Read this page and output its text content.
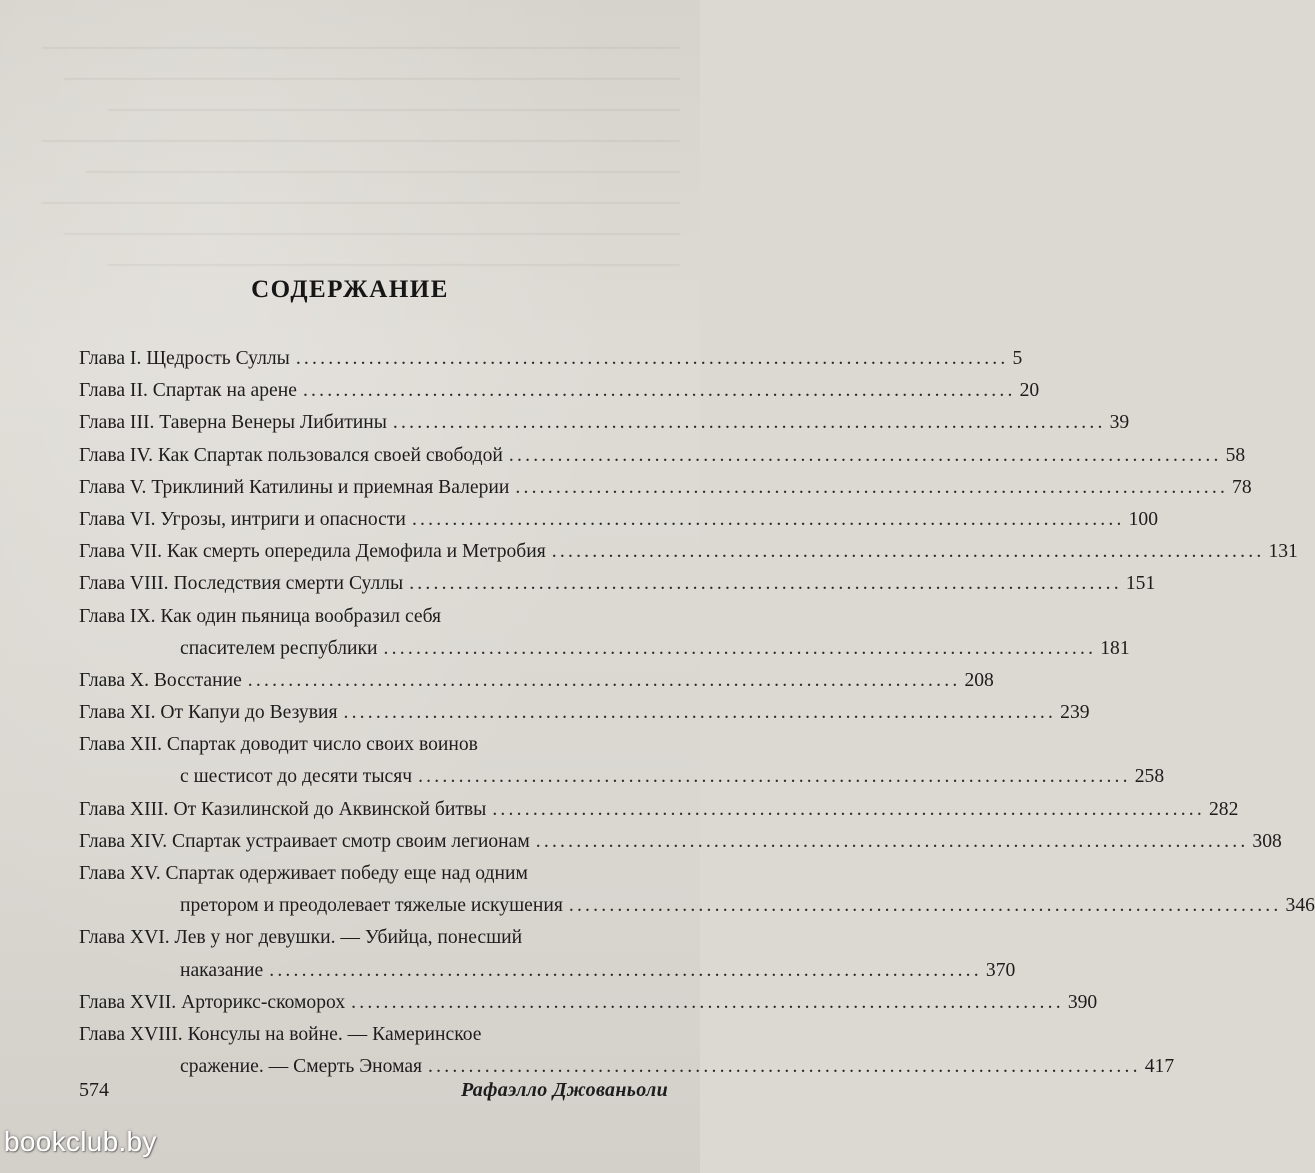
—————————————————————————————
————————————————————————————
——————————————————————————
—————————————————————————————
———————————————————————————
—————————————————————————————
————————————————————————————
——————————————————————————
СОДЕРЖАНИЕ
Глава I. Щедрость Суллы ........................................................................................ 5
Глава II. Спартак на арене ........................................................................................ 20
Глава III. Таверна Венеры Либитины ........................................................................................ 39
Глава IV. Как Спартак пользовался своей свободой ........................................................................................ 58
Глава V. Триклиний Катилины и приемная Валерии ........................................................................................ 78
Глава VI. Угрозы, интриги и опасности ........................................................................................ 100
Глава VII. Как смерть опередила Демофила и Метробия ........................................................................................ 131
Глава VIII. Последствия смерти Суллы ........................................................................................ 151
Глава IX. Как один пьяница вообразил себя
спасителем республики ........................................................................................ 181
Глава X. Восстание ........................................................................................ 208
Глава XI. От Капуи до Везувия ........................................................................................ 239
Глава XII. Спартак доводит число своих воинов
с шестисот до десяти тысяч ........................................................................................ 258
Глава XIII. От Казилинской до Аквинской битвы ........................................................................................ 282
Глава XIV. Спартак устраивает смотр своим легионам ........................................................................................ 308
Глава XV. Спартак одерживает победу еще над одним
претором и преодолевает тяжелые искушения ........................................................................................ 346
Глава XVI. Лев у ног девушки. — Убийца, понесший
наказание ........................................................................................ 370
Глава XVII. Арторикс-скоморох ........................................................................................ 390
Глава XVIII. Консулы на войне. — Камеринское
сражение. — Смерть Эномая ........................................................................................ 417
574	Рафаэлло Джованьоли
bookclub.by
